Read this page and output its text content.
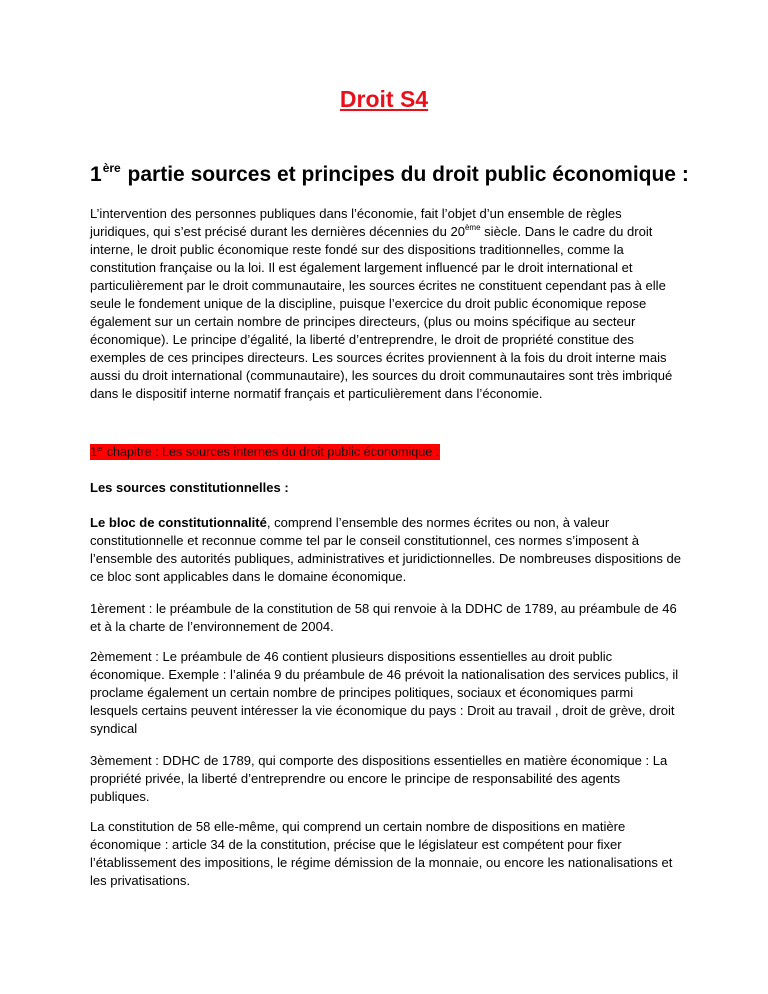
Droit S4
1ère partie sources et principes du droit public économique :

L’intervention des personnes publiques dans l’économie, fait l’objet d’un ensemble de règles juridiques, qui s’est précisé durant les dernières décennies du 20ème siècle. Dans le cadre du droit interne, le droit public économique reste fondé sur des dispositions traditionnelles, comme la constitution française ou la loi. Il est également largement influencé par le droit international et particulièrement par le droit communautaire, les sources écrites ne constituent cependant pas à elle seule le fondement unique de la discipline, puisque l’exercice du droit public économique repose également sur un certain nombre de principes directeurs, (plus ou moins spécifique au secteur économique). Le principe d’égalité, la liberté d’entreprendre, le droit de propriété constitue des exemples de ces principes directeurs. Les sources écrites proviennent à la fois du droit interne mais aussi du droit international (communautaire), les sources du droit communautaires sont très imbriqué dans le dispositif interne normatif français et particulièrement dans l’économie.

1er chapitre : Les sources internes du droit public économique :
Les sources constitutionnelles :

Le bloc de constitutionnalité, comprend l’ensemble des normes écrites ou non, à valeur constitutionnelle et reconnue comme tel par le conseil constitutionnel, ces normes s’imposent à l’ensemble des autorités publiques, administratives et juridictionnelles. De nombreuses dispositions de ce bloc sont applicables dans le domaine économique.

1èrement : le préambule de la constitution de 58 qui renvoie à la DDHC de 1789, au préambule de 46 et à la charte de l’environnement de 2004.

2èmement : Le préambule de 46 contient plusieurs dispositions essentielles au droit public économique. Exemple : l’alinéa 9 du préambule de 46 prévoit la nationalisation des services publics, il proclame également un certain nombre de principes politiques, sociaux et économiques parmi lesquels certains peuvent intéresser la vie économique du pays : Droit au travail , droit de grève, droit syndical

3èmement : DDHC de 1789, qui comporte des dispositions essentielles en matière économique : La propriété privée, la liberté d’entreprendre ou encore le principe de responsabilité des agents publiques.

La constitution de 58 elle-même, qui comprend un certain nombre de dispositions en matière économique : article 34 de la constitution, précise que le législateur est compétent pour fixer l’établissement des impositions, le régime démission de la monnaie, ou encore les nationalisations et les privatisations.
